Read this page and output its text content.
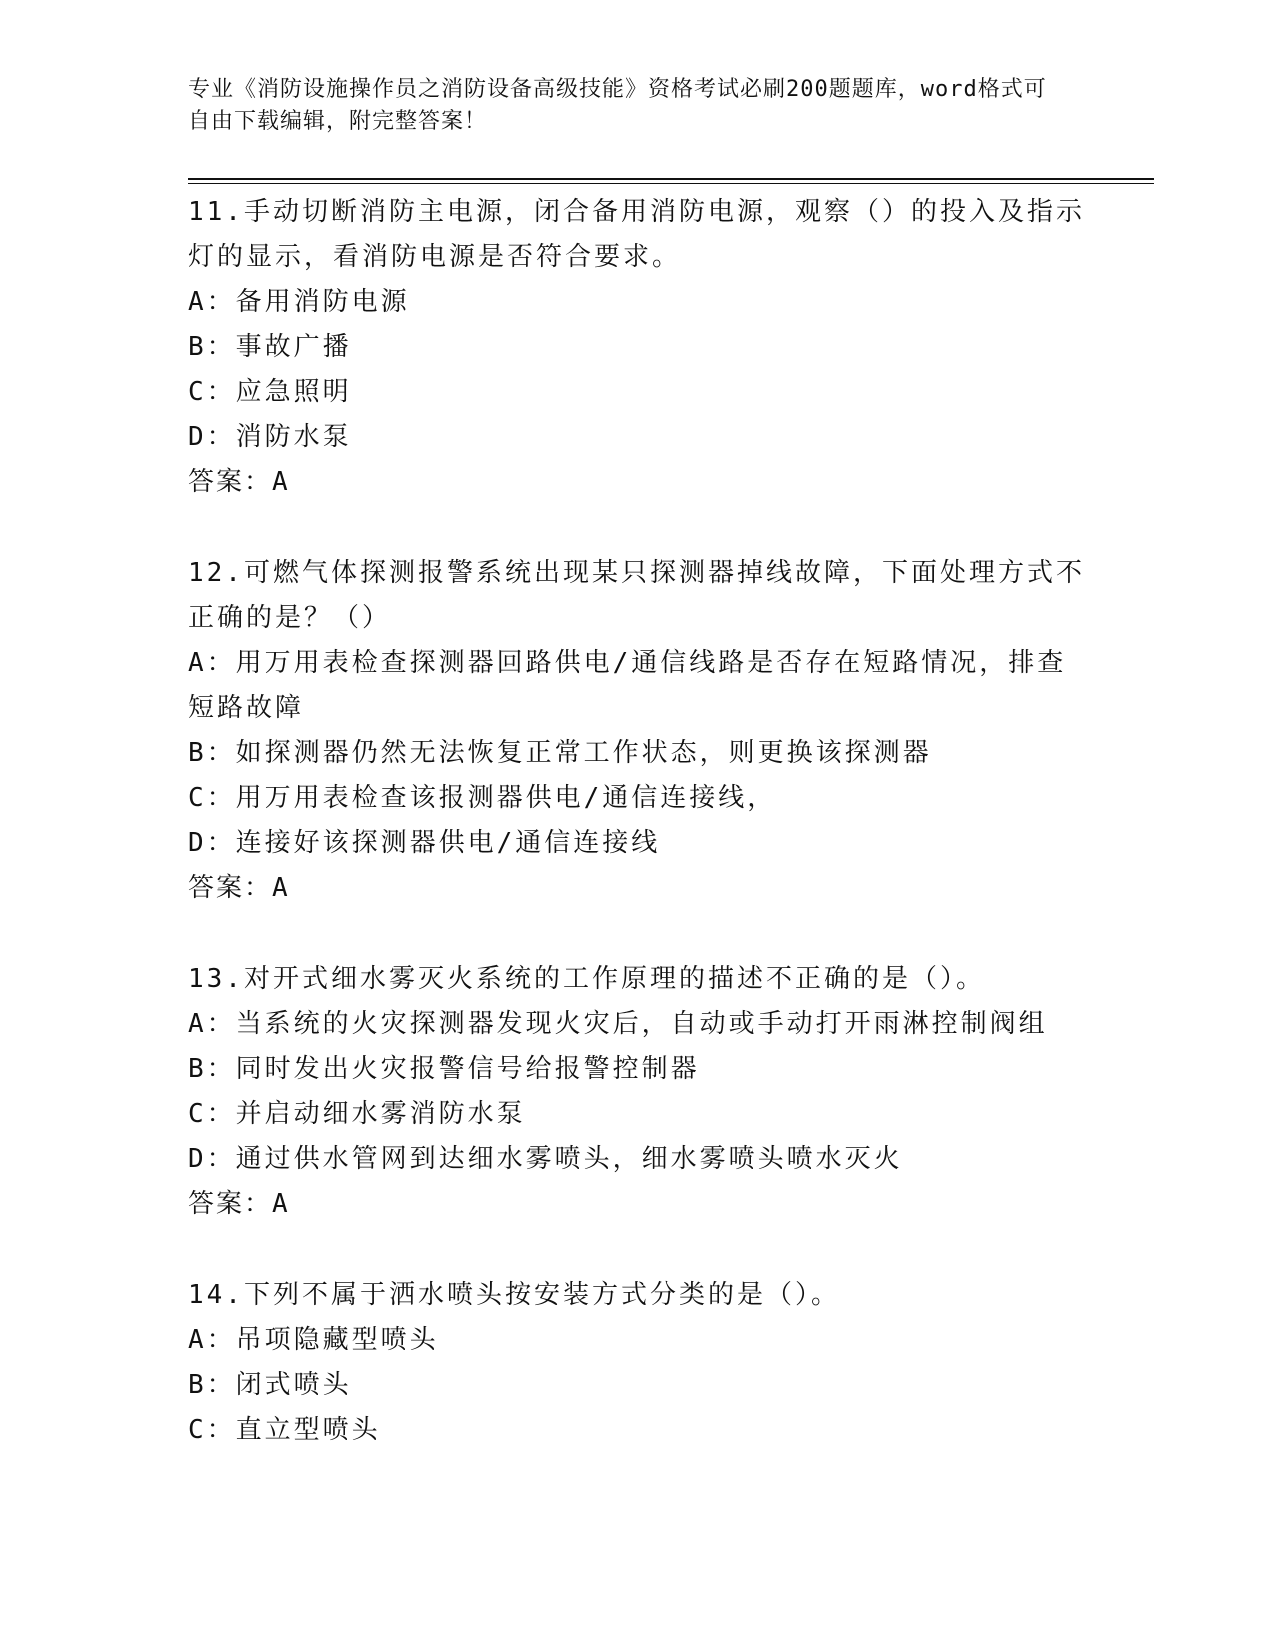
专业《消防设施操作员之消防设备高级技能》资格考试必刷200题题库，word格式可自由下载编辑，附完整答案！

11.手动切断消防主电源，闭合备用消防电源，观察（）的投入及指示灯的显示，看消防电源是否符合要求。

A：备用消防电源
B：事故广播
C：应急照明
D：消防水泵

答案：A

12.可燃气体探测报警系统出现某只探测器掉线故障，下面处理方式不正确的是？（）

A：用万用表检查探测器回路供电/通信线路是否存在短路情况，排查短路故障
B：如探测器仍然无法恢复正常工作状态，则更换该探测器
C：用万用表检查该报测器供电/通信连接线，
D：连接好该探测器供电/通信连接线

答案：A

13.对开式细水雾灭火系统的工作原理的描述不正确的是（）。

A：当系统的火灾探测器发现火灾后，自动或手动打开雨淋控制阀组
B：同时发出火灾报警信号给报警控制器
C：并启动细水雾消防水泵
D：通过供水管网到达细水雾喷头，细水雾喷头喷水灭火

答案：A

14.下列不属于洒水喷头按安装方式分类的是（）。

A：吊项隐藏型喷头
B：闭式喷头
C：直立型喷头
